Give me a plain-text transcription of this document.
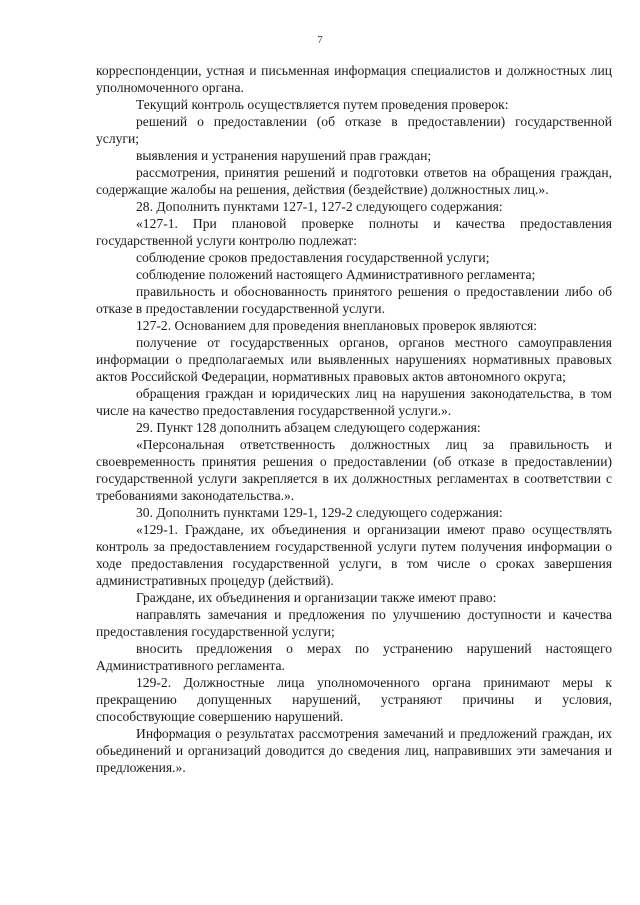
7

корреспонденции, устная и письменная информация специалистов и должностных лиц уполномоченного органа.

Текущий контроль осуществляется путем проведения проверок:

решений о предоставлении (об отказе в предоставлении) государственной услуги;

выявления и устранения нарушений прав граждан;

рассмотрения, принятия решений и подготовки ответов на обращения граждан, содержащие жалобы на решения, действия (бездействие) должностных лиц.».

28. Дополнить пунктами 127-1, 127-2 следующего содержания:

«127-1. При плановой проверке полноты и качества предоставления государственной услуги контролю подлежат:

соблюдение сроков предоставления государственной услуги;

соблюдение положений настоящего Административного регламента;

правильность и обоснованность принятого решения о предоставлении либо об отказе в предоставлении государственной услуги.

127-2. Основанием для проведения внеплановых проверок являются:

получение от государственных органов, органов местного самоуправления информации о предполагаемых или выявленных нарушениях нормативных правовых актов Российской Федерации, нормативных правовых актов автономного округа;

обращения граждан и юридических лиц на нарушения законодательства, в том числе на качество предоставления государственной услуги.».

29. Пункт 128 дополнить абзацем следующего содержания:

«Персональная ответственность должностных лиц за правильность и своевременность принятия решения о предоставлении (об отказе в предоставлении) государственной услуги закрепляется в их должностных регламентах в соответствии с требованиями законодательства.».

30. Дополнить пунктами 129-1, 129-2 следующего содержания:

«129-1. Граждане, их объединения и организации имеют право осуществлять контроль за предоставлением государственной услуги путем получения информации о ходе предоставления государственной услуги, в том числе о сроках завершения административных процедур (действий).

Граждане, их объединения и организации также имеют право:

направлять замечания и предложения по улучшению доступности и качества предоставления государственной услуги;

вносить предложения о мерах по устранению нарушений настоящего Административного регламента.

129-2. Должностные лица уполномоченного органа принимают меры к прекращению допущенных нарушений, устраняют причины и условия, способствующие совершению нарушений.

Информация о результатах рассмотрения замечаний и предложений граждан, их обьединений и организаций доводится до сведения лиц, направивших эти замечания и предложения.».
